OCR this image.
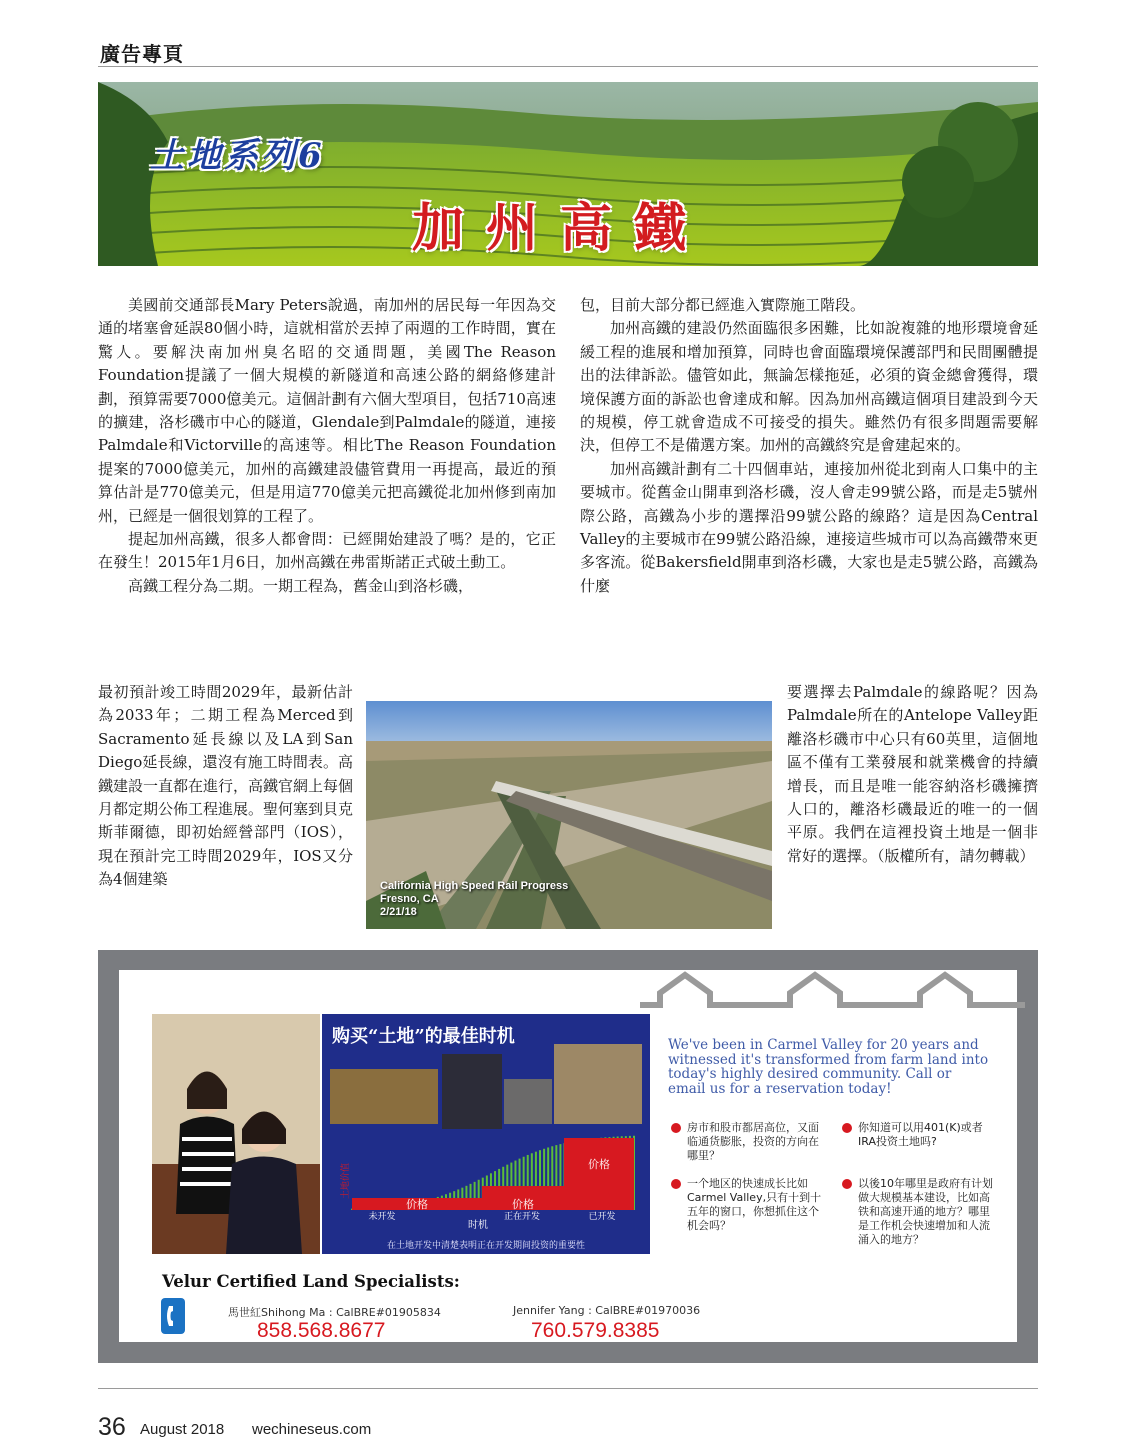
廣告專頁
土地系列6
加州高鐵

美國前交通部長Mary Peters說過，南加州的居民每一年因為交通的堵塞會延誤80個小時，這就相當於丟掉了兩週的工作時間，實在驚人。要解決南加州臭名昭的交通問題，美國The Reason Foundation提議了一個大規模的新隧道和高速公路的網絡修建計劃，預算需要7000億美元。這個計劃有六個大型項目，包括710高速的擴建，洛杉磯市中心的隧道，Glendale到Palmdale的隧道，連接Palmdale和Victorville的高速等。相比The Reason Foundation提案的7000億美元，加州的高鐵建設儘管費用一再提高，最近的預算估計是770億美元，但是用這770億美元把高鐵從北加州修到南加州，已經是一個很划算的工程了。

提起加州高鐵，很多人都會問：已經開始建設了嗎？是的，它正在發生！2015年1月6日，加州高鐵在弗雷斯諾正式破土動工。

高鐵工程分為二期。一期工程為，舊金山到洛杉磯，

最初預計竣工時間2029年，最新估計為2033年；二期工程為Merced到Sacramento延長線以及LA到San Diego延長線，還沒有施工時間表。高鐵建設一直都在進行，高鐵官網上每個月都定期公佈工程進展。聖何塞到貝克斯菲爾德，即初始經營部門（IOS），現在預計完工時間2029年，IOS又分為4個建築

包，目前大部分都已經進入實際施工階段。

加州高鐵的建設仍然面臨很多困難，比如說複雜的地形環境會延緩工程的進展和增加預算，同時也會面臨環境保護部門和民間團體提出的法律訴訟。儘管如此，無論怎樣拖延，必須的資金總會獲得，環境保護方面的訴訟也會達成和解。因為加州高鐵這個項目建設到今天的規模，停工就會造成不可接受的損失。雖然仍有很多問題需要解決，但停工不是備選方案。加州的高鐵終究是會建起來的。

加州高鐵計劃有二十四個車站，連接加州從北到南人口集中的主要城市。從舊金山開車到洛杉磯，沒人會走99號公路，而是走5號州際公路，高鐵為小步的選擇沿99號公路的線路？這是因為Central Valley的主要城市在99號公路沿線，連接這些城市可以為高鐵帶來更多客流。從Bakersfield開車到洛杉磯，大家也是走5號公路，高鐵為什麼

要選擇去Palmdale的線路呢？因為Palmdale所在的Antelope Valley距離洛杉磯市中心只有60英里，這個地區不僅有工業發展和就業機會的持續增長，而且是唯一能容納洛杉磯擁擠人口的，離洛杉磯最近的唯一的一個平原。我們在這裡投資土地是一個非常好的選擇。（版權所有，請勿轉載）

California High Speed Rail Progress
Fresno, CA
2/21/18
价格	价格
价格
土地价值
时机
未开发	正在开发	已开发
购买“土地”的最佳时机
在土地开发中清楚表明正在开发期间投资的重要性
We've been in Carmel Valley for 20 years and witnessed it's transformed from farm land into today's highly desired community. Call or email us for a reservation today!
房市和股市都居高位，又面临通货膨胀，投资的方向在哪里？
一个地区的快速成长比如Carmel Valley,只有十到十五年的窗口，你想抓住这个机会吗？
你知道可以用401(K)或者IRA投资土地吗?
以後10年哪里是政府有计划做大规模基本建设，比如高铁和高速开通的地方？哪里是工作机会快速增加和人流涌入的地方？
Velur Certified Land Specialists:
馬世紅Shihong Ma : CalBRE#01905834
858.568.8677
Jennifer Yang : CalBRE#01970036
760.579.8385
36 August 2018 wechineseus.com
